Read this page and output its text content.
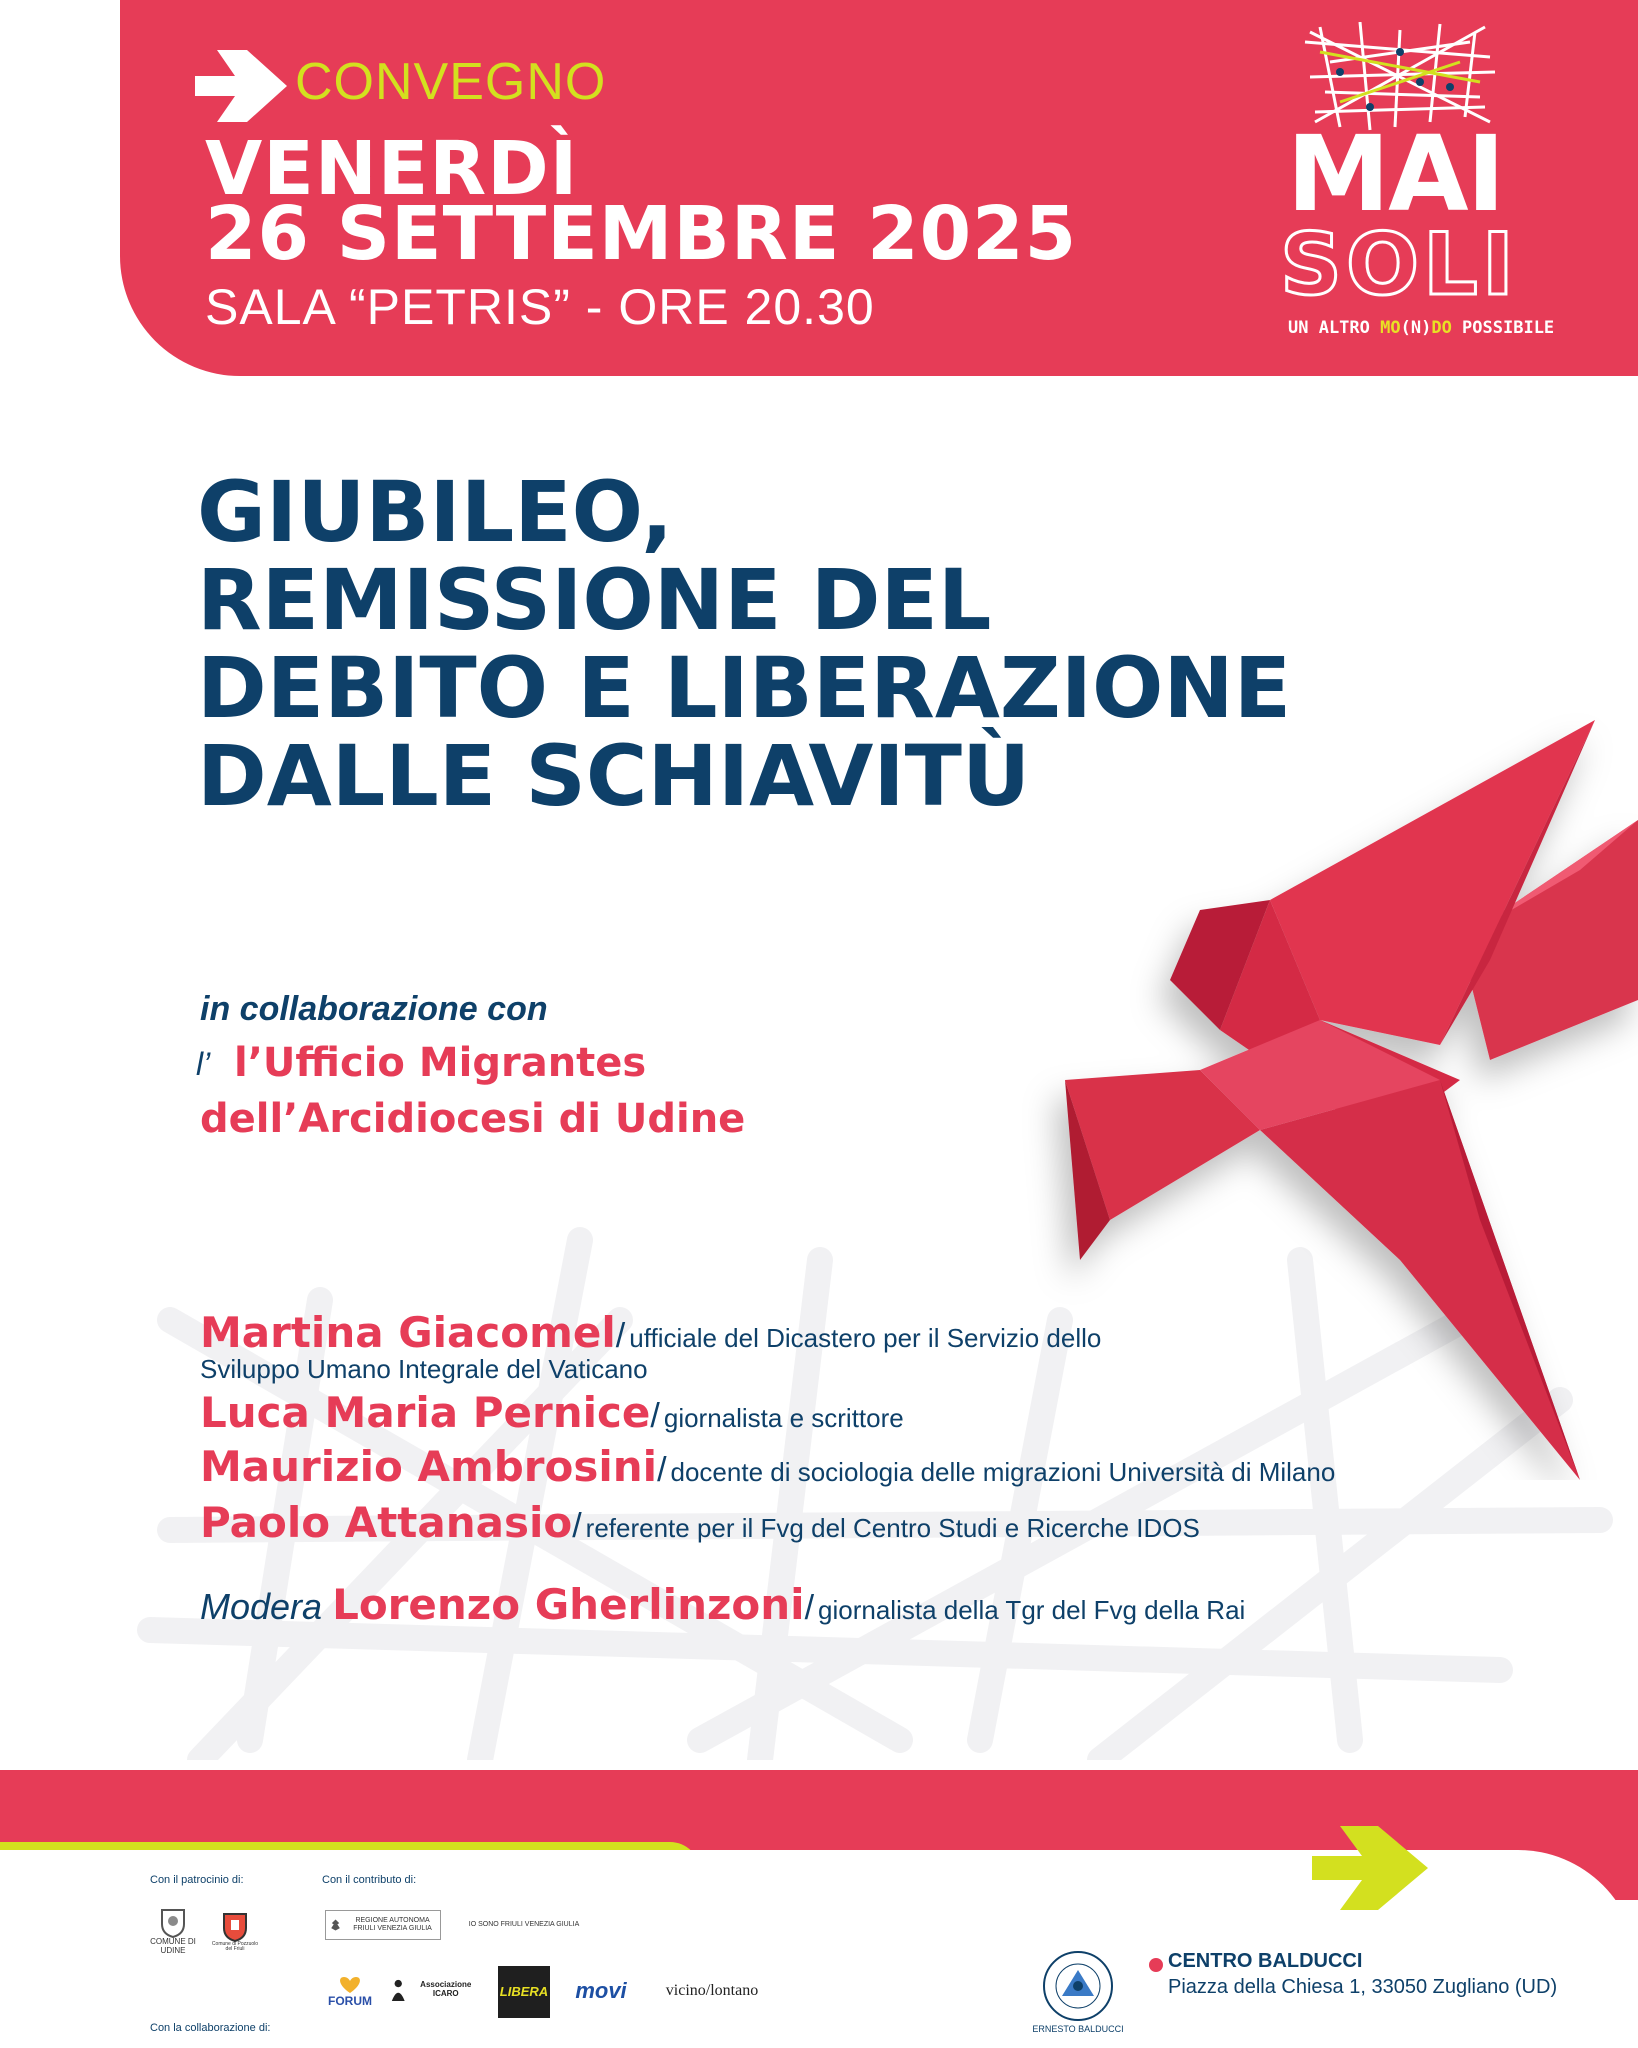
CONVEGNO
VENERDÌ
26 SETTEMBRE 2025
SALA “PETRIS” - ORE 20.30
MAI
SOLI
UN ALTRO MO(N)DO POSSIBILE
GIUBILEO,
REMISSIONE DEL
DEBITO E LIBERAZIONE
DALLE SCHIAVITÙ
in collaborazione con
l’ l’Ufficio Migrantes
dell’Arcidiocesi di Udine
Martina Giacomel/ ufficiale del Dicastero per il Servizio dello
Sviluppo Umano Integrale del Vaticano
Luca Maria Pernice/ giornalista e scrittore
Maurizio Ambrosini/ docente di sociologia delle migrazioni Università di Milano
Paolo Attanasio/ referente per il Fvg del Centro Studi e Ricerche IDOS
Modera Lorenzo Gherlinzoni/ giornalista della Tgr del Fvg della Rai
Con il patrocinio di:	Con il contributo di:
Con la collaborazione di:
COMUNE DI UDINE
Comune di Pozzuolo del Friuli
REGIONE AUTONOMA FRIULI VENEZIA GIULIA
IO SONO FRIULI VENEZIA GIULIA
FORUM
Associazione ICARO	LIBERA movi vicino/lontano
ERNESTO BALDUCCI
CENTRO BALDUCCI
Piazza della Chiesa 1, 33050 Zugliano (UD)
